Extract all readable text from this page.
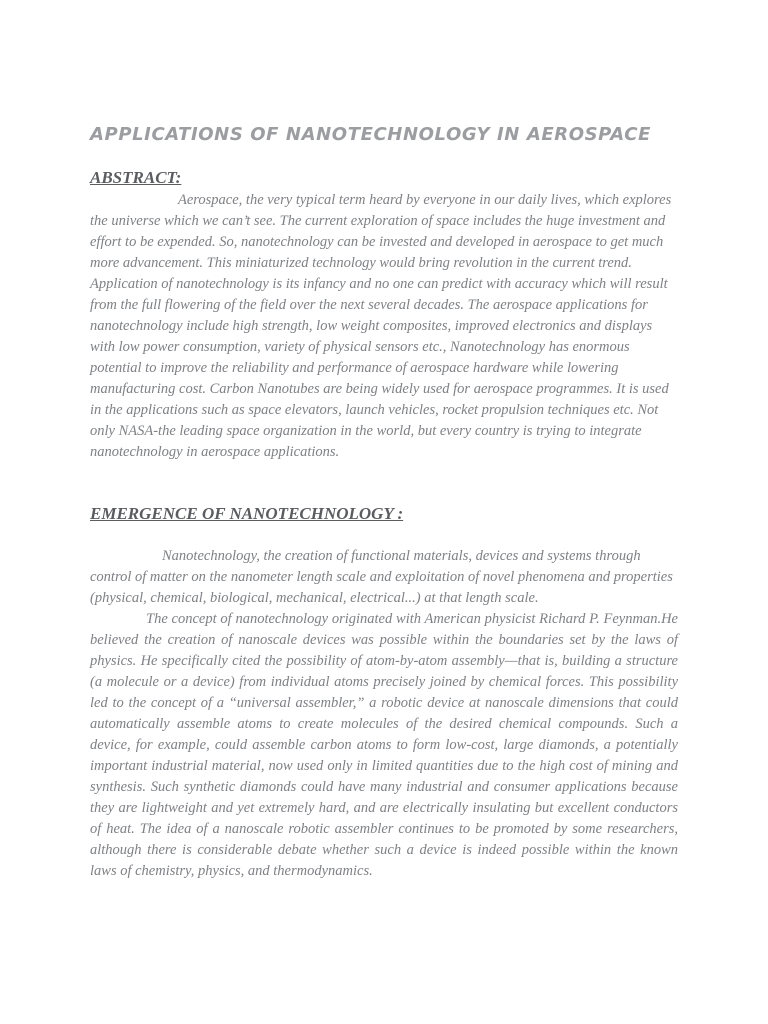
APPLICATIONS OF NANOTECHNOLOGY IN AEROSPACE
ABSTRACT:

Aerospace, the very typical term heard by everyone in our daily lives, which explores the universe which we can’t see. The current exploration of space includes the huge investment and effort to be expended. So, nanotechnology can be invested and developed in aerospace to get much more advancement. This miniaturized technology would bring revolution in the current trend. Application of nanotechnology is its infancy and no one can predict with accuracy which will result from the full flowering of the field over the next several decades. The aerospace applications for nanotechnology include high strength, low weight composites, improved electronics and displays with low power consumption, variety of physical sensors etc., Nanotechnology has enormous potential to improve the reliability and performance of aerospace hardware while lowering manufacturing cost. Carbon Nanotubes are being widely used for aerospace programmes. It is used in the applications such as space elevators, launch vehicles, rocket propulsion techniques etc. Not only NASA-the leading space organization in the world, but every country is trying to integrate nanotechnology in aerospace applications.

EMERGENCE OF NANOTECHNOLOGY :

Nanotechnology, the creation of functional materials, devices and systems through control of matter on the nanometer length scale and exploitation of novel phenomena and properties (physical, chemical, biological, mechanical, electrical...) at that length scale.

The concept of nanotechnology originated with American physicist Richard P. Feynman.He believed the creation of nanoscale devices was possible within the boundaries set by the laws of physics. He specifically cited the possibility of atom-by-atom assembly—that is, building a structure (a molecule or a device) from individual atoms precisely joined by chemical forces. This possibility led to the concept of a “universal assembler,” a robotic device at nanoscale dimensions that could automatically assemble atoms to create molecules of the desired chemical compounds. Such a device, for example, could assemble carbon atoms to form low-cost, large diamonds, a potentially important industrial material, now used only in limited quantities due to the high cost of mining and synthesis. Such synthetic diamonds could have many industrial and consumer applications because they are lightweight and yet extremely hard, and are electrically insulating but excellent conductors of heat. The idea of a nanoscale robotic assembler continues to be promoted by some researchers, although there is considerable debate whether such a device is indeed possible within the known laws of chemistry, physics, and thermodynamics.
